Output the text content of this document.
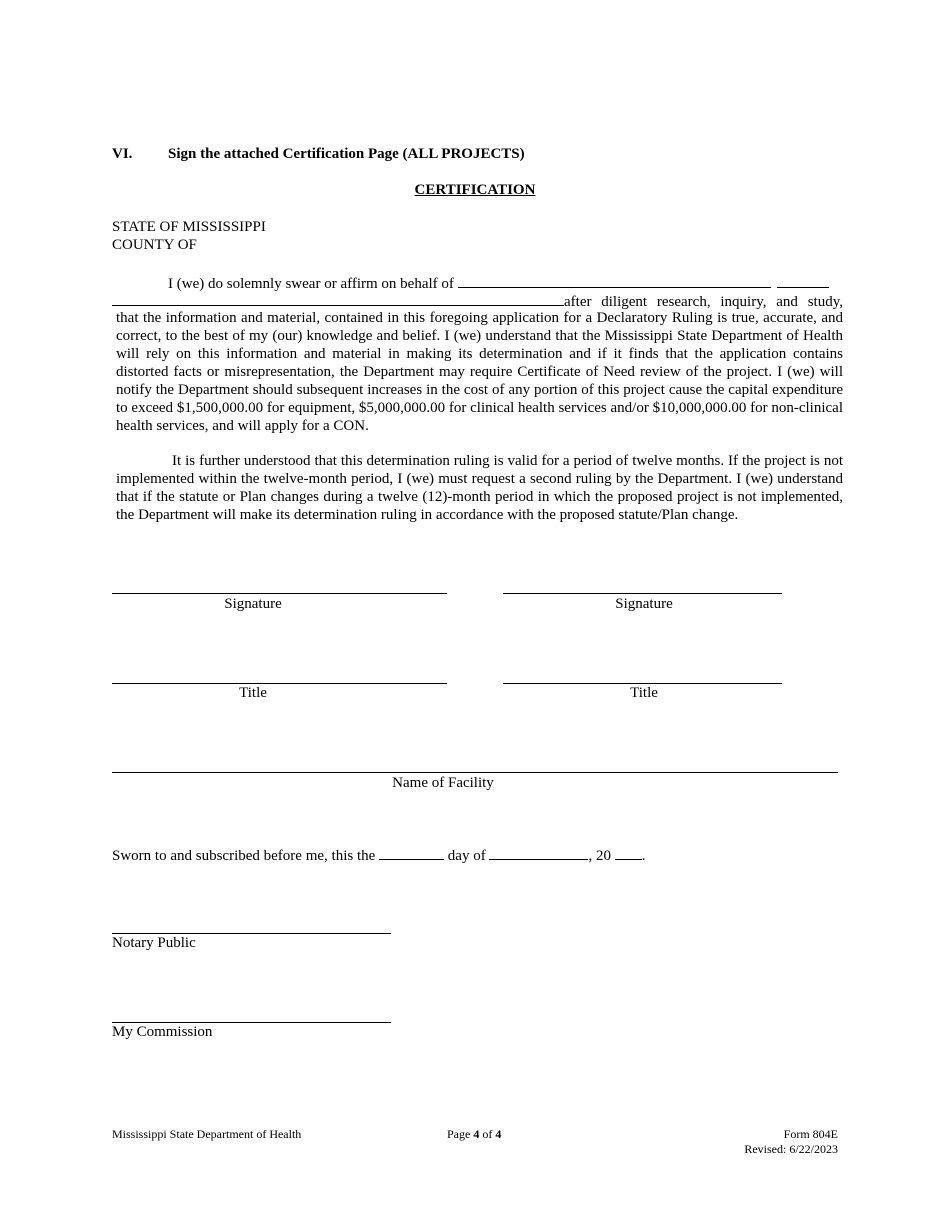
VI. Sign the attached Certification Page (ALL PROJECTS)
CERTIFICATION
STATE OF MISSISSIPPI
COUNTY OF
I (we) do solemnly swear or affirm on behalf of
after diligent research, inquiry, and study,
that the information and material, contained in this foregoing application for a Declaratory Ruling is true, accurate, and correct, to the best of my (our) knowledge and belief. I (we) understand that the Mississippi State Department of Health will rely on this information and material in making its determination and if it finds that the application contains distorted facts or misrepresentation, the Department may require Certificate of Need review of the project. I (we) will notify the Department should subsequent increases in the cost of any portion of this project cause the capital expenditure to exceed $1,500,000.00 for equipment, $5,000,000.00 for clinical health services and/or $10,000,000.00 for non-clinical health services, and will apply for a CON.
It is further understood that this determination ruling is valid for a period of twelve months. If the project is not implemented within the twelve-month period, I (we) must request a second ruling by the Department. I (we) understand that if the statute or Plan changes during a twelve (12)-month period in which the proposed project is not implemented, the Department will make its determination ruling in accordance with the proposed statute/Plan change.
Signature	Signature
Title	Title
Name of Facility
Sworn to and subscribed before me, this the	day of	, 20 .
Notary Public
My Commission
Mississippi State Department of Health	Page 4 of 4	Form 804E
Revised: 6/22/2023
